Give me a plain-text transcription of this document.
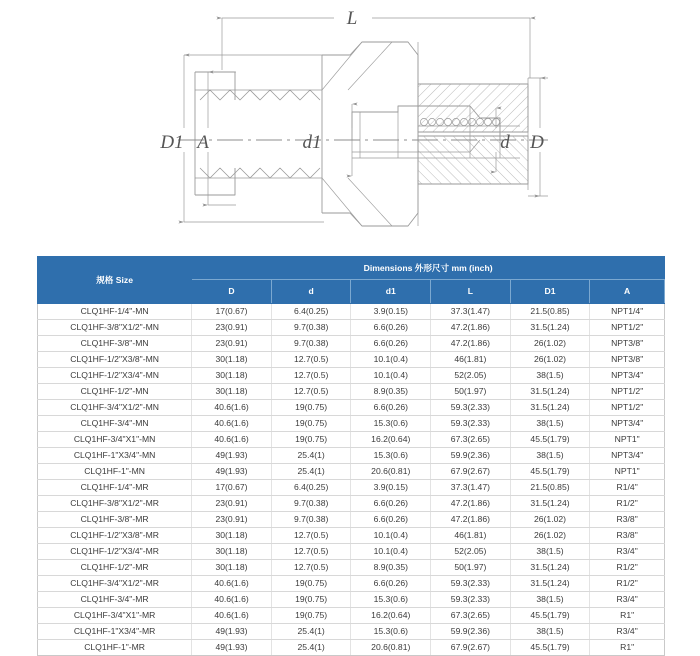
L
D1 A	d1	d D
规格 Size	Dimensions 外形尺寸 mm (inch)					
	D	d	d1	L	D1	A
CLQ1HF-1/4"-MN	17(0.67)	6.4(0.25)	3.9(0.15)	37.3(1.47)	21.5(0.85)	NPT1/4"
CLQ1HF-3/8"X1/2"-MN	23(0.91)	9.7(0.38)	6.6(0.26)	47.2(1.86)	31.5(1.24)	NPT1/2"
CLQ1HF-3/8"-MN	23(0.91)	9.7(0.38)	6.6(0.26)	47.2(1.86)	26(1.02)	NPT3/8"
CLQ1HF-1/2"X3/8"-MN	30(1.18)	12.7(0.5)	10.1(0.4)	46(1.81)	26(1.02)	NPT3/8"
CLQ1HF-1/2"X3/4"-MN	30(1.18)	12.7(0.5)	10.1(0.4)	52(2.05)	38(1.5)	NPT3/4"
CLQ1HF-1/2"-MN	30(1.18)	12.7(0.5)	8.9(0.35)	50(1.97)	31.5(1.24)	NPT1/2"
CLQ1HF-3/4"X1/2"-MN	40.6(1.6)	19(0.75)	6.6(0.26)	59.3(2.33)	31.5(1.24)	NPT1/2"
CLQ1HF-3/4"-MN	40.6(1.6)	19(0.75)	15.3(0.6)	59.3(2.33)	38(1.5)	NPT3/4"
CLQ1HF-3/4"X1"-MN	40.6(1.6)	19(0.75)	16.2(0.64)	67.3(2.65)	45.5(1.79)	NPT1"
CLQ1HF-1"X3/4"-MN	49(1.93)	25.4(1)	15.3(0.6)	59.9(2.36)	38(1.5)	NPT3/4"
CLQ1HF-1"-MN	49(1.93)	25.4(1)	20.6(0.81)	67.9(2.67)	45.5(1.79)	NPT1"
CLQ1HF-1/4"-MR	17(0.67)	6.4(0.25)	3.9(0.15)	37.3(1.47)	21.5(0.85)	R1/4"
CLQ1HF-3/8"X1/2"-MR	23(0.91)	9.7(0.38)	6.6(0.26)	47.2(1.86)	31.5(1.24)	R1/2"
CLQ1HF-3/8"-MR	23(0.91)	9.7(0.38)	6.6(0.26)	47.2(1.86)	26(1.02)	R3/8"
CLQ1HF-1/2"X3/8"-MR	30(1.18)	12.7(0.5)	10.1(0.4)	46(1.81)	26(1.02)	R3/8"
CLQ1HF-1/2"X3/4"-MR	30(1.18)	12.7(0.5)	10.1(0.4)	52(2.05)	38(1.5)	R3/4"
CLQ1HF-1/2"-MR	30(1.18)	12.7(0.5)	8.9(0.35)	50(1.97)	31.5(1.24)	R1/2"
CLQ1HF-3/4"X1/2"-MR	40.6(1.6)	19(0.75)	6.6(0.26)	59.3(2.33)	31.5(1.24)	R1/2"
CLQ1HF-3/4"-MR	40.6(1.6)	19(0.75)	15.3(0.6)	59.3(2.33)	38(1.5)	R3/4"
CLQ1HF-3/4"X1"-MR	40.6(1.6)	19(0.75)	16.2(0.64)	67.3(2.65)	45.5(1.79)	R1"
CLQ1HF-1"X3/4"-MR	49(1.93)	25.4(1)	15.3(0.6)	59.9(2.36)	38(1.5)	R3/4"
CLQ1HF-1"-MR	49(1.93)	25.4(1)	20.6(0.81)	67.9(2.67)	45.5(1.79)	R1"
